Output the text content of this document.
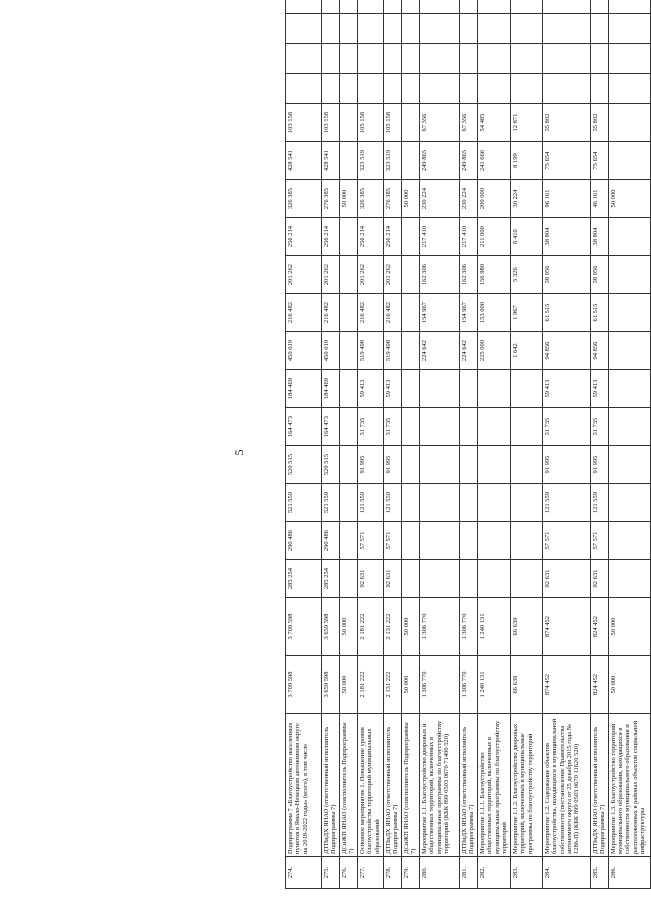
5
274.	Подпрограмма 7 «Благоустройство населенных пунктов в Ямало-Ненецком автономном округе на 2018-2022 годы» (всего), в том числе	3 709 598	3 709 598	285 254	290 486	521 559	520 515	164 473	184 469	450 019	216 482	201 262	256 214	326 385	428 541	103 158				
275.	ДТПиДХ ЯНАО (ответственный исполнитель Подпрограммы 7)	3 659 598	3 659 598	285 254	290 486	521 559	520 515	164 473	184 469	450 019	216 482	201 262	256 214	276 385	428 541	103 158				
276.	ДСиЖП ЯНАО (соисполнитель Подпрограммы 7)	50 000	50 000											50 000						
277.	Основное мероприятие 1. Повышение уровня благоустройства территорий муниципальных образований	2 181 222	2 181 222	92 631	57 571	121 559	91 995	31 735	59 413	519 498	216 482	201 262	256 214	326 385	323 519	105 158				
278.	ДТПиДХ ЯНАО (ответственный исполнитель Подпрограммы 7)	2 131 222	2 131 222	92 631	57 571	121 559	91 995	31 735	59 413	519 498	216 482	201 262	256 214	276 385	323 519	105 158				
279.	ДСиЖП ЯНАО (соисполнитель Подпрограммы 7)	50 000	50 000											50 000						
280.	Мероприятие 1.1. Благоустройство дворовых и общественных территорий, включенных в муниципальные программы по благоустройству территорий (КБК 899 0503 0670 71490 520)	1 306 770	1 306 770							224 642	154 967	162 306	217 410	230 224	249 865	67 356				
281.	ДТПиДХ ЯНАО (ответственный исполнитель Подпрограммы 7)	1 306 770	1 306 770							224 642	154 967	162 306	217 410	230 224	249 865	67 356				
282.	Мероприятие 1.1.1. Благоустройство общественных территорий, включенных в муниципальные программы по благоустройству территорий	1 240 131	1 240 131							225 000	153 000	156 980	211 000	200 000	241 666	54 485				
283.	Мероприятие 1.1.2. Благоустройство дворовых территорий, включенных в муниципальные программы по благоустройству территорий	66 639	66 639							1 642	1 967	5 326	6 410	30 224	8 199	12 871				
284.	Мероприятие 1.2. Содержание объектов благоустройства, находящихся в муниципальной собственности (постановление Правительства автономного округа от 25 декабря 2015 года № 1286-П) (КБК 899 0503 0670 11620 520)	874 452	874 452	92 631	57 571	121 559	91 995	31 735	59 413	94 856	61 515	38 956	38 804	96 161	75 654	35 802				
285.	ДТПиДХ ЯНАО (ответственный исполнитель Подпрограммы 7)	824 452	824 452	92 631	57 571	121 559	91 995	31 735	59 413	94 856	61 515	38 956	38 804	46 161	75 654	35 802				
286.	Мероприятие 1.3. Благоустройство территорий муниципального образования, находящихся в собственности муниципального образования и расположенных в районах объектов социальной инфраструктуры	50 000	50 000											50 000						
